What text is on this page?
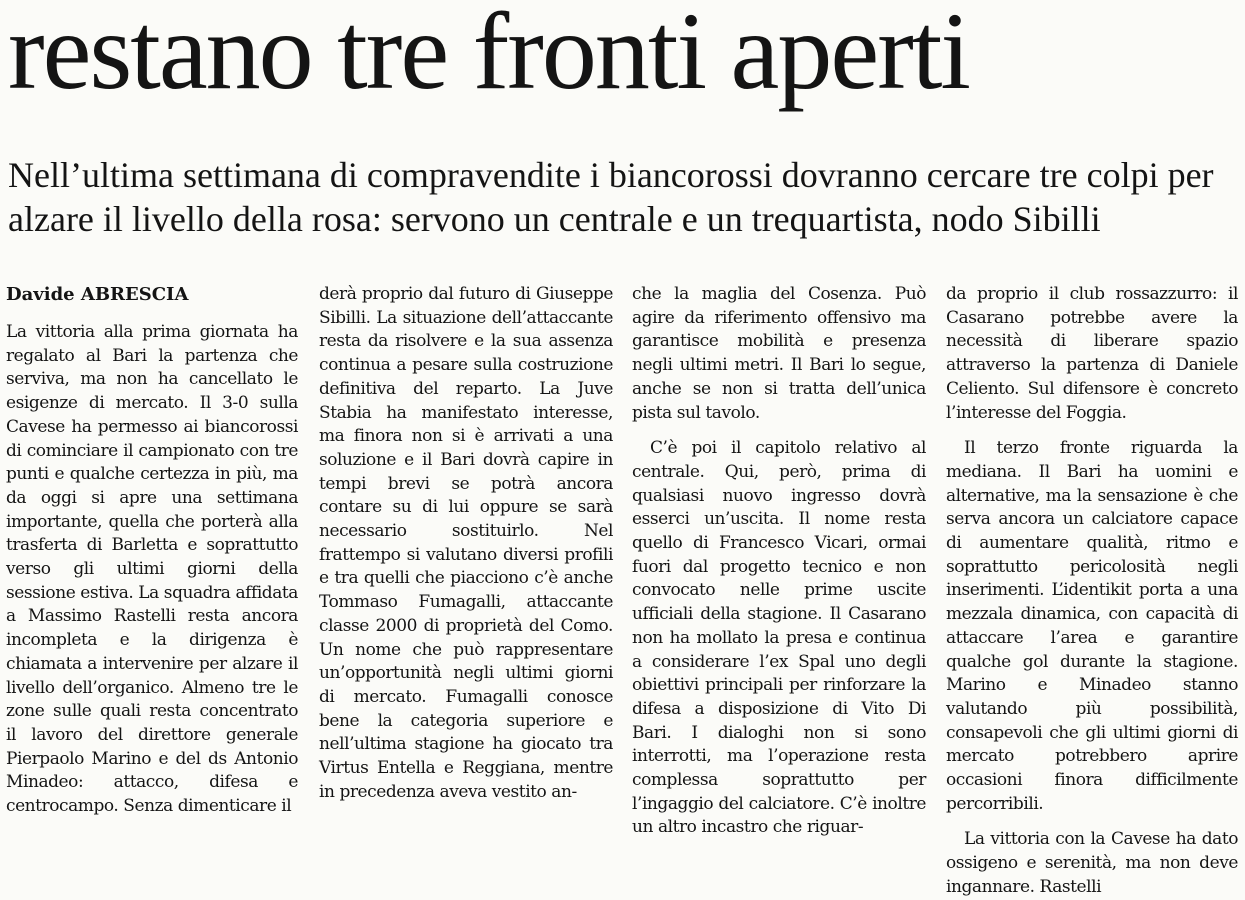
restano tre fronti aperti
Nell’ultima settimana di compravendite i biancorossi dovranno cercare tre colpi per alzare il livello della rosa: servono un centrale e un trequartista, nodo Sibilli

Davide ABRESCIA

La vittoria alla prima giornata ha regalato al Bari la partenza che serviva, ma non ha cancellato le esigenze di mercato. Il 3-0 sulla Cavese ha permesso ai biancorossi di cominciare il campionato con tre punti e qualche certezza in più, ma da oggi si apre una settimana importante, quella che porterà alla trasferta di Barletta e soprattutto verso gli ultimi giorni della sessione estiva. La squadra affidata a Massimo Rastelli resta ancora incompleta e la dirigenza è chiamata a intervenire per alzare il livello dell’organico. Almeno tre le zone sulle quali resta concentrato il lavoro del direttore generale Pierpaolo Marino e del ds Antonio Minadeo: attacco, difesa e centrocampo. Senza dimenticare il

derà proprio dal futuro di Giuseppe Sibilli. La situazione dell’attaccante resta da risolvere e la sua assenza continua a pesare sulla costruzione definitiva del reparto. La Juve Stabia ha manifestato interesse, ma finora non si è arrivati a una soluzione e il Bari dovrà capire in tempi brevi se potrà ancora contare su di lui oppure se sarà necessario sostituirlo. Nel frattempo si valutano diversi profili e tra quelli che piacciono c’è anche Tommaso Fumagalli, attaccante classe 2000 di proprietà del Como. Un nome che può rappresentare un’opportunità negli ultimi giorni di mercato. Fumagalli conosce bene la categoria superiore e nell’ultima stagione ha giocato tra Virtus Entella e Reggiana, mentre in precedenza aveva vestito an-

che la maglia del Cosenza. Può agire da riferimento offensivo ma garantisce mobilità e presenza negli ultimi metri. Il Bari lo segue, anche se non si tratta dell’unica pista sul tavolo.

C’è poi il capitolo relativo al centrale. Qui, però, prima di qualsiasi nuovo ingresso dovrà esserci un’uscita. Il nome resta quello di Francesco Vicari, ormai fuori dal progetto tecnico e non convocato nelle prime uscite ufficiali della stagione. Il Casarano non ha mollato la presa e continua a considerare l’ex Spal uno degli obiettivi principali per rinforzare la difesa a disposizione di Vito Di Bari. I dialoghi non si sono interrotti, ma l’operazione resta complessa soprattutto per l’ingaggio del calciatore. C’è inoltre un altro incastro che riguar-

da proprio il club rossazzurro: il Casarano potrebbe avere la necessità di liberare spazio attraverso la partenza di Daniele Celiento. Sul difensore è concreto l’interesse del Foggia.

Il terzo fronte riguarda la mediana. Il Bari ha uomini e alternative, ma la sensazione è che serva ancora un calciatore capace di aumentare qualità, ritmo e soprattutto pericolosità negli inserimenti. L’identikit porta a una mezzala dinamica, con capacità di attaccare l’area e garantire qualche gol durante la stagione. Marino e Minadeo stanno valutando più possibilità, consapevoli che gli ultimi giorni di mercato potrebbero aprire occasioni finora difficilmente percorribili.

La vittoria con la Cavese ha dato ossigeno e serenità, ma non deve ingannare. Rastelli
